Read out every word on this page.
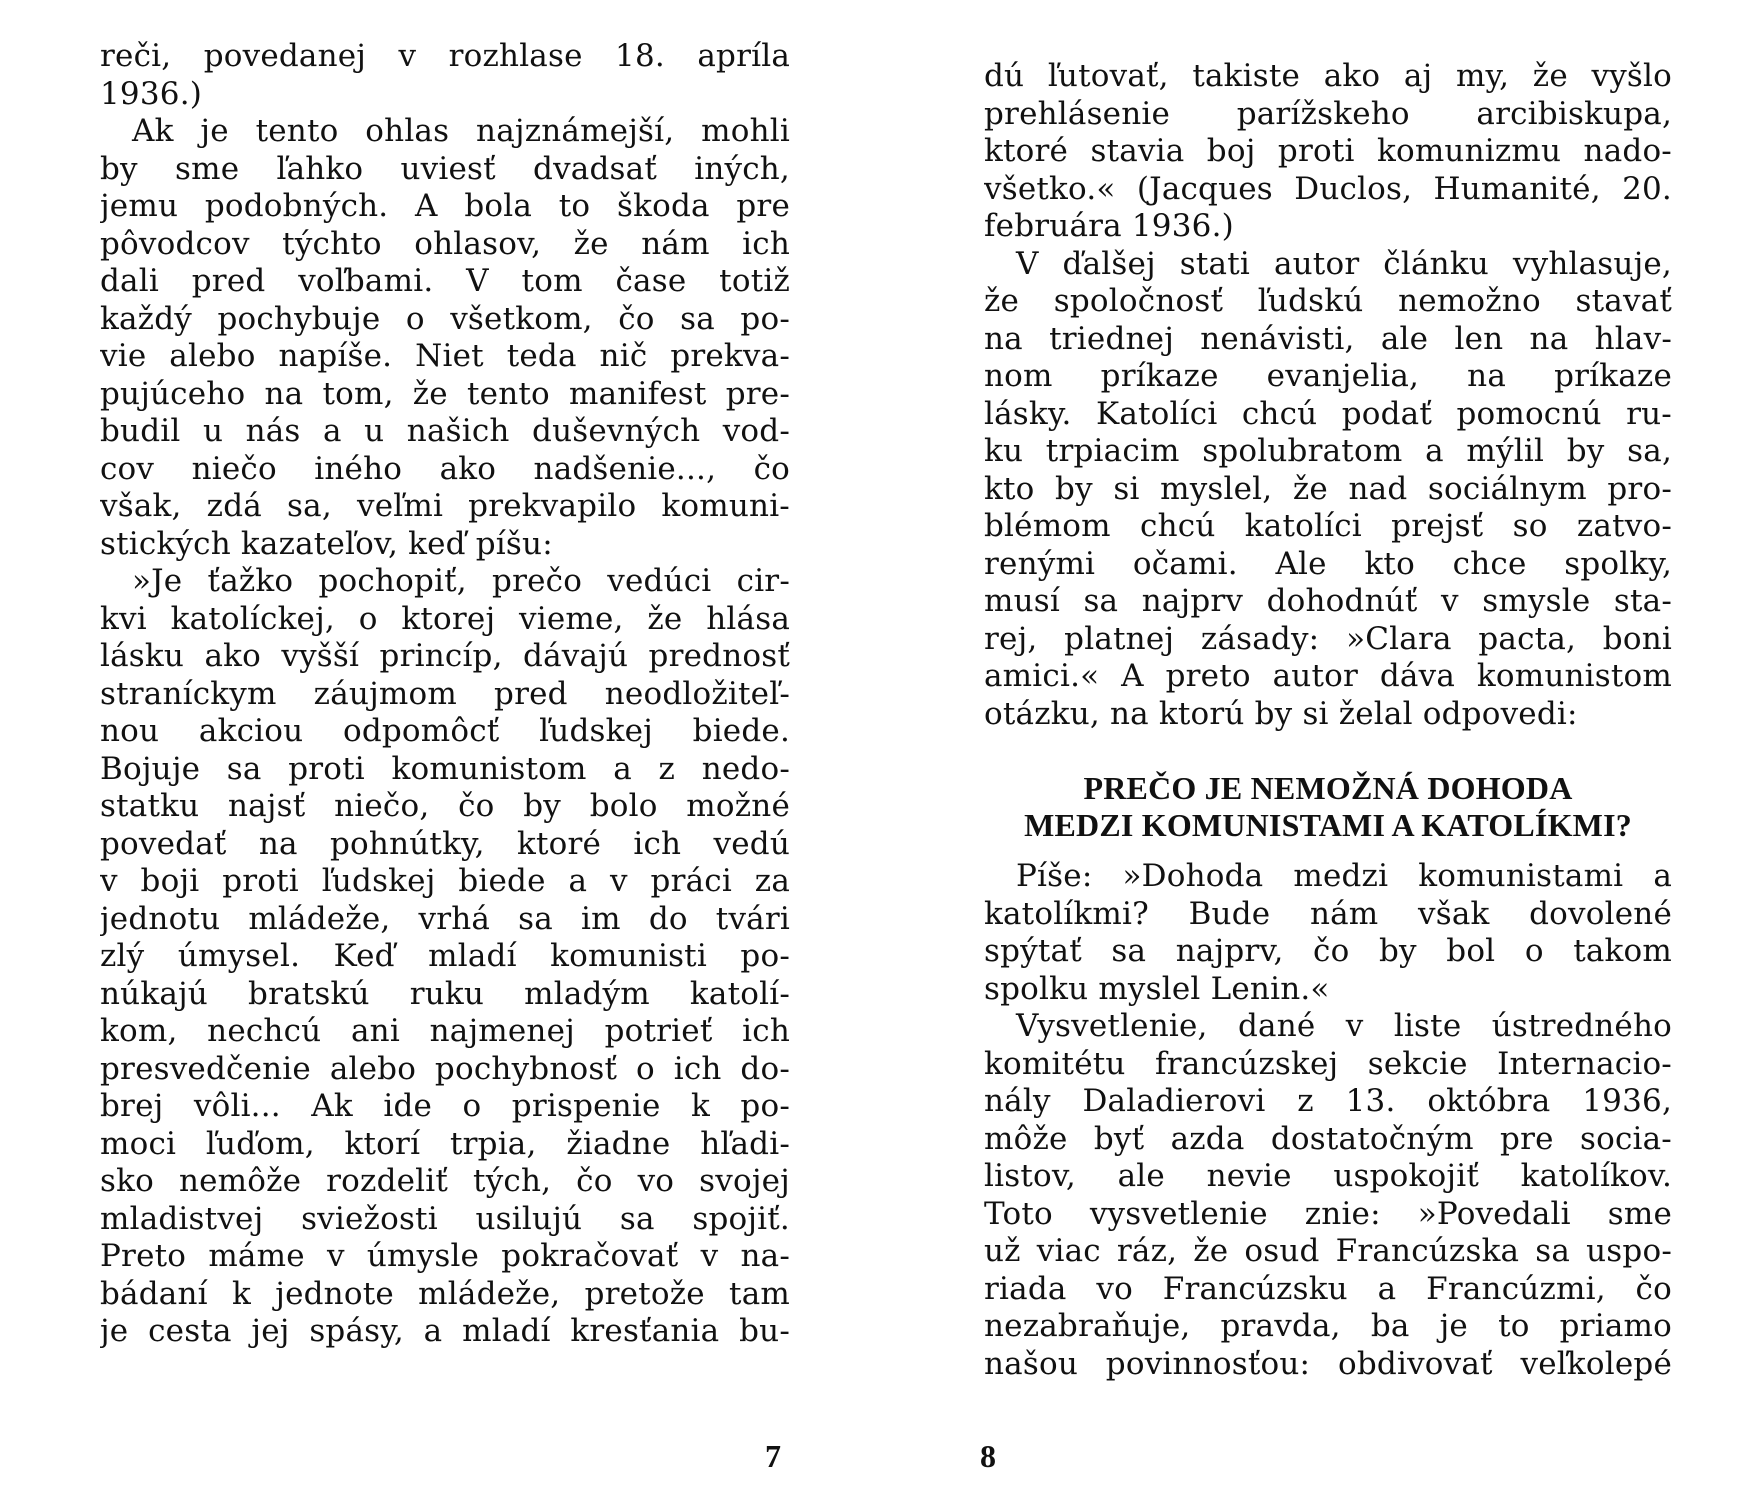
reči, povedanej v rozhlase 18. apríla
1936.)
Ak je tento ohlas najznámejší, mohli
by sme ľahko uviesť dvadsať iných,
jemu podobných. A bola to škoda pre
pôvodcov týchto ohlasov, že nám ich
dali pred voľbami. V tom čase totiž
každý pochybuje o všetkom, čo sa po-
vie alebo napíše. Niet teda nič prekva-
pujúceho na tom, že tento manifest pre-
budil u nás a u našich duševných vod-
cov niečo iného ako nadšenie..., čo
však, zdá sa, veľmi prekvapilo komuni-
stických kazateľov, keď píšu:
»Je ťažko pochopiť, prečo vedúci cir-
kvi katolíckej, o ktorej vieme, že hlása
lásku ako vyšší princíp, dávajú prednosť
straníckym záujmom pred neodložiteľ-
nou akciou odpomôcť ľudskej biede.
Bojuje sa proti komunistom a z nedo-
statku najsť niečo, čo by bolo možné
povedať na pohnútky, ktoré ich vedú
v boji proti ľudskej biede a v práci za
jednotu mládeže, vrhá sa im do tvári
zlý úmysel. Keď mladí komunisti po-
núkajú bratskú ruku mladým katolí-
kom, nechcú ani najmenej potrieť ich
presvedčenie alebo pochybnosť o ich do-
brej vôli... Ak ide o prispenie k po-
moci ľuďom, ktorí trpia, žiadne hľadi-
sko nemôže rozdeliť tých, čo vo svojej
mladistvej sviežosti usilujú sa spojiť.
Preto máme v úmysle pokračovať v na-
bádaní k jednote mládeže, pretože tam
je cesta jej spásy, a mladí kresťania bu-
7
dú ľutovať, takiste ako aj my, že vyšlo
prehlásenie parížskeho arcibiskupa,
ktoré stavia boj proti komunizmu nado-
všetko.« (Jacques Duclos, Humanité, 20.
februára 1936.)
V ďalšej stati autor článku vyhlasuje,
že spoločnosť ľudskú nemožno stavať
na triednej nenávisti, ale len na hlav-
nom príkaze evanjelia, na príkaze
lásky. Katolíci chcú podať pomocnú ru-
ku trpiacim spolubratom a mýlil by sa,
kto by si myslel, že nad sociálnym pro-
blémom chcú katolíci prejsť so zatvo-
renými očami. Ale kto chce spolky,
musí sa najprv dohodnúť v smysle sta-
rej, platnej zásady: »Clara pacta, boni
amici.« A preto autor dáva komunistom
otázku, na ktorú by si želal odpovedi:
PREČO JE NEMOŽNÁ DOHODA
MEDZI KOMUNISTAMI A KATOLÍKMI?
Píše: »Dohoda medzi komunistami a
katolíkmi? Bude nám však dovolené
spýtať sa najprv, čo by bol o takom
spolku myslel Lenin.«
Vysvetlenie, dané v liste ústredného
komitétu francúzskej sekcie Internacio-
nály Daladierovi z 13. októbra 1936,
môže byť azda dostatočným pre socia-
listov, ale nevie uspokojiť katolíkov.
Toto vysvetlenie znie: »Povedali sme
už viac ráz, že osud Francúzska sa uspo-
riada vo Francúzsku a Francúzmi, čo
nezabraňuje, pravda, ba je to priamo
našou povinnosťou: obdivovať veľkolepé
8
